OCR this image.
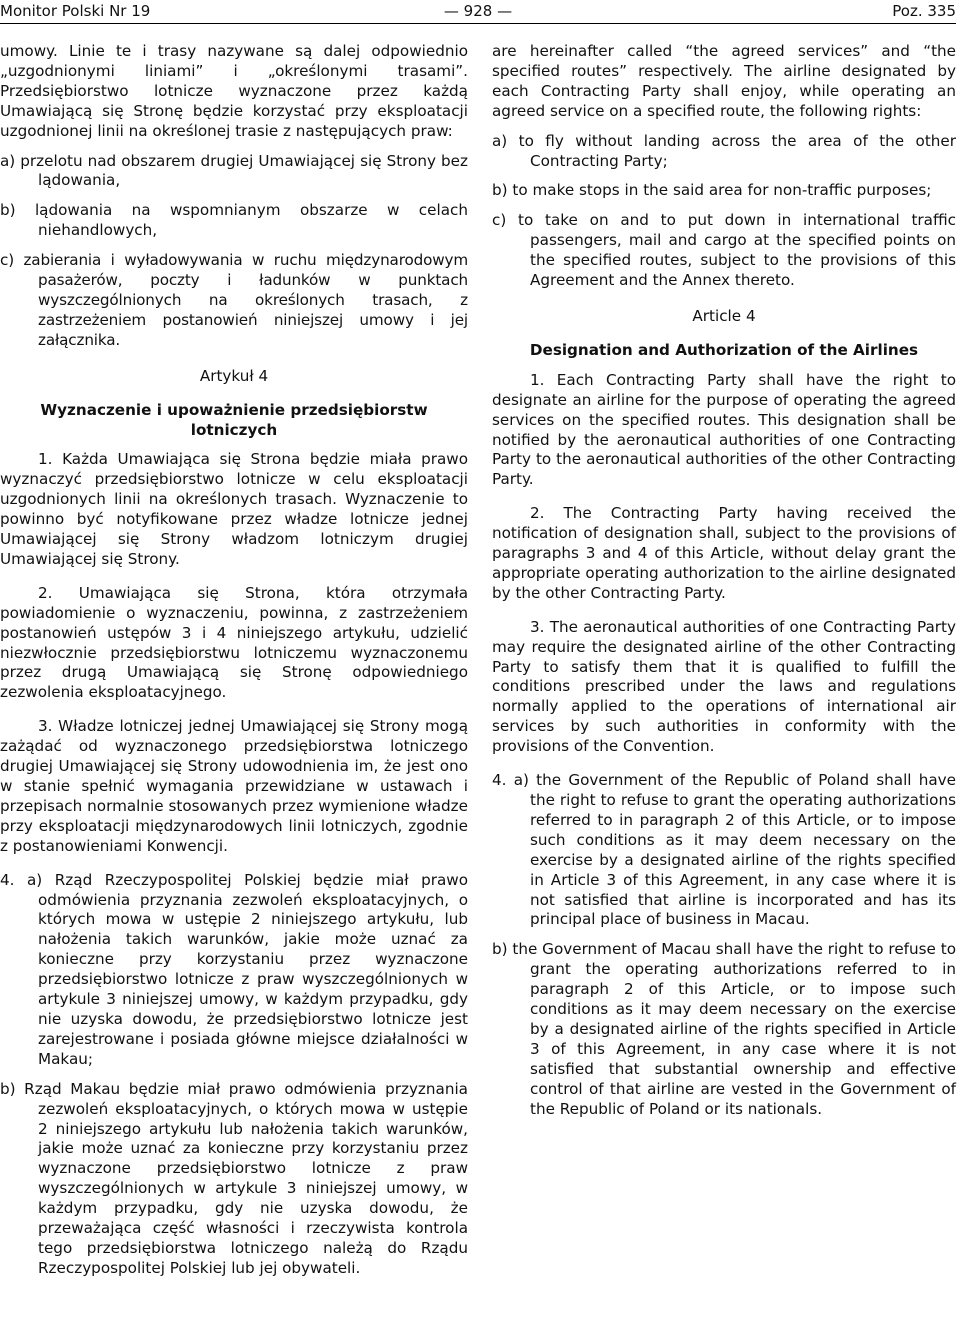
Monitor Polski Nr 19	— 928 —	Poz. 335

umowy. Linie te i trasy nazywane są dalej odpowiednio „uzgodnionymi liniami” i „określonymi trasami”. Przedsiębiorstwo lotnicze wyznaczone przez każdą Umawiającą się Stronę będzie korzystać przy eksploatacji uzgodnionej linii na określonej trasie z następujących praw:

a) przelotu nad obszarem drugiej Umawiającej się Strony bez lądowania,

b) lądowania na wspomnianym obszarze w celach niehandlowych,

c) zabierania i wyładowywania w ruchu międzynarodowym pasażerów, poczty i ładunków w punktach wyszczególnionych na określonych trasach, z zastrzeżeniem postanowień niniejszej umowy i jej załącznika.

Artykuł 4

Wyznaczenie i upoważnienie przedsiębiorstw lotniczych

1. Każda Umawiająca się Strona będzie miała prawo wyznaczyć przedsiębiorstwo lotnicze w celu eksploatacji uzgodnionych linii na określonych trasach. Wyznaczenie to powinno być notyfikowane przez władze lotnicze jednej Umawiającej się Strony władzom lotniczym drugiej Umawiającej się Strony.

2. Umawiająca się Strona, która otrzymała powiadomienie o wyznaczeniu, powinna, z zastrzeżeniem postanowień ustępów 3 i 4 niniejszego artykułu, udzielić niezwłocznie przedsiębiorstwu lotniczemu wyznaczonemu przez drugą Umawiającą się Stronę odpowiedniego zezwolenia eksploatacyjnego.

3. Władze lotniczej jednej Umawiającej się Strony mogą zażądać od wyznaczonego przedsiębiorstwa lotniczego drugiej Umawiającej się Strony udowodnienia im, że jest ono w stanie spełnić wymagania przewidziane w ustawach i przepisach normalnie stosowanych przez wymienione władze przy eksploatacji międzynarodowych linii lotniczych, zgodnie z postanowieniami Konwencji.

4. a) Rząd Rzeczypospolitej Polskiej będzie miał prawo odmówienia przyznania zezwoleń eksploatacyjnych, o których mowa w ustępie 2 niniejszego artykułu, lub nałożenia takich warunków, jakie może uznać za konieczne przy korzystaniu przez wyznaczone przedsiębiorstwo lotnicze z praw wyszczególnionych w artykule 3 niniejszej umowy, w każdym przypadku, gdy nie uzyska dowodu, że przedsiębiorstwo lotnicze jest zarejestrowane i posiada główne miejsce działalności w Makau;

b) Rząd Makau będzie miał prawo odmówienia przyznania zezwoleń eksploatacyjnych, o których mowa w ustępie 2 niniejszego artykułu lub nałożenia takich warunków, jakie może uznać za konieczne przy korzystaniu przez wyznaczone przedsiębiorstwo lotnicze z praw wyszczególnionych w artykule 3 niniejszej umowy, w każdym przypadku, gdy nie uzyska dowodu, że przeważająca część własności i rzeczywista kontrola tego przedsiębiorstwa lotniczego należą do Rządu Rzeczypospolitej Polskiej lub jej obywateli.

are hereinafter called “the agreed services” and “the specified routes” respectively. The airline designated by each Contracting Party shall enjoy, while operating an agreed service on a specified route, the following rights:

a) to fly without landing across the area of the other Contracting Party;

b) to make stops in the said area for non-traffic purposes;

c) to take on and to put down in international traffic passengers, mail and cargo at the specified points on the specified routes, subject to the provisions of this Agreement and the Annex thereto.

Article 4

Designation and Authorization of the Airlines

1. Each Contracting Party shall have the right to designate an airline for the purpose of operating the agreed services on the specified routes. This designation shall be notified by the aeronautical authorities of one Contracting Party to the aeronautical authorities of the other Contracting Party.

2. The Contracting Party having received the notification of designation shall, subject to the provisions of paragraphs 3 and 4 of this Article, without delay grant the appropriate operating authorization to the airline designated by the other Contracting Party.

3. The aeronautical authorities of one Contracting Party may require the designated airline of the other Contracting Party to satisfy them that it is qualified to fulfill the conditions prescribed under the laws and regulations normally applied to the operations of international air services by such authorities in conformity with the provisions of the Convention.

4. a) the Government of the Republic of Poland shall have the right to refuse to grant the operating authorizations referred to in paragraph 2 of this Article, or to impose such conditions as it may deem necessary on the exercise by a designated airline of the rights specified in Article 3 of this Agreement, in any case where it is not satisfied that airline is incorporated and has its principal place of business in Macau.

b) the Government of Macau shall have the right to refuse to grant the operating authorizations referred to in paragraph 2 of this Article, or to impose such conditions as it may deem necessary on the exercise by a designated airline of the rights specified in Article 3 of this Agreement, in any case where it is not satisfied that substantial ownership and effective control of that airline are vested in the Government of the Republic of Poland or its nationals.
